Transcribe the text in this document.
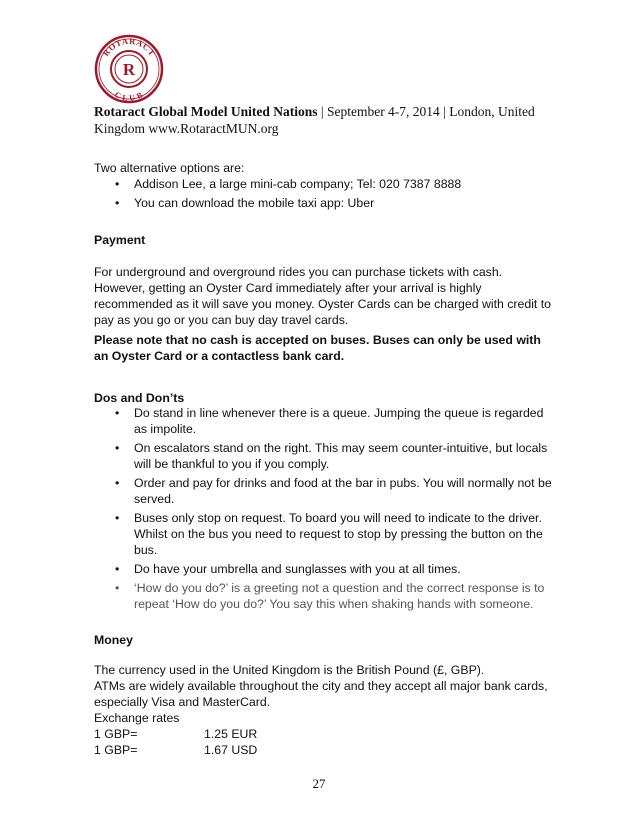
ROTARACT
CLUB
R
Rotaract Global Model United Nations | September 4-7, 2014 | London, United Kingdom www.RotaractMUN.org
Two alternative options are:
• Addison Lee, a large mini-cab company; Tel: 020 7387 8888
• You can download the mobile taxi app: Uber
Payment
For underground and overground rides you can purchase tickets with cash. However, getting an Oyster Card immediately after your arrival is highly recommended as it will save you money. Oyster Cards can be charged with credit to pay as you go or you can buy day travel cards.
Please note that no cash is accepted on buses. Buses can only be used with an Oyster Card or a contactless bank card.
Dos and Don’ts
• Do stand in line whenever there is a queue. Jumping the queue is regarded as impolite.
• On escalators stand on the right. This may seem counter-intuitive, but locals will be thankful to you if you comply.
• Order and pay for drinks and food at the bar in pubs. You will normally not be served.
• Buses only stop on request. To board you will need to indicate to the driver. Whilst on the bus you need to request to stop by pressing the button on the bus.
• Do have your umbrella and sunglasses with you at all times.
• ‘How do you do?’ is a greeting not a question and the correct response is to repeat ‘How do you do?’ You say this when shaking hands with someone.
Money
The currency used in the United Kingdom is the British Pound (£, GBP).
ATMs are widely available throughout the city and they accept all major bank cards, especially Visa and MasterCard.
Exchange rates
1 GBP=	1.25 EUR
1 GBP=	1.67 USD
27
